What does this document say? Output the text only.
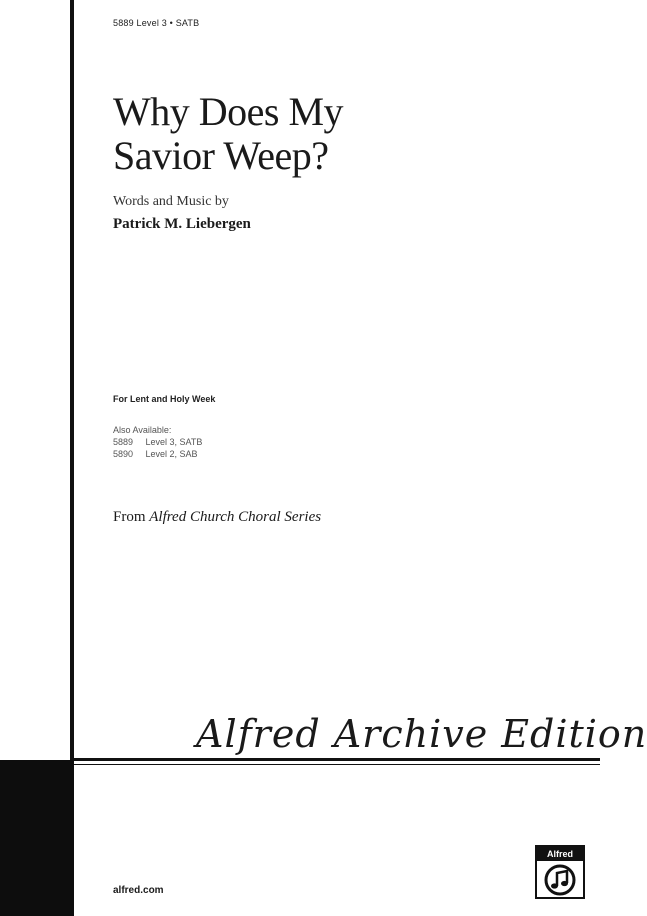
5889 Level 3 • SATB
Why Does My
Savior Weep?
Words and Music by
Patrick M. Liebergen
For Lent and Holy Week
Also Available:
5889 Level 3, SATB
5890 Level 2, SAB
From Alfred Church Choral Series
Alfred Archive Edition
alfred.com
Alfred
